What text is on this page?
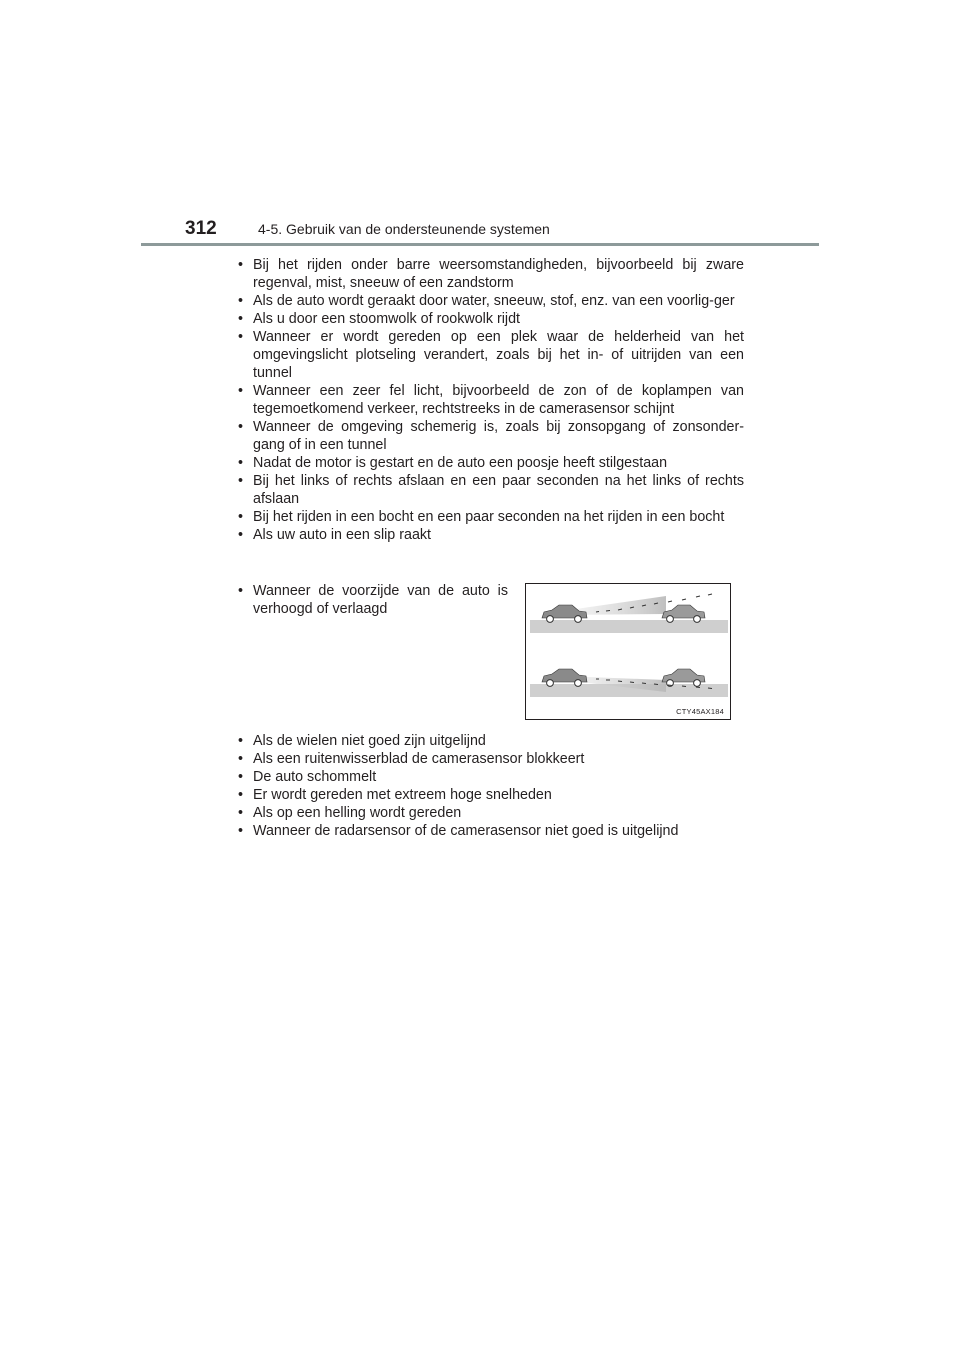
312	4-5. Gebruik van de ondersteunende systemen
• Bij het rijden onder barre weersomstandigheden, bijvoorbeeld bij zware regenval, mist, sneeuw of een zandstorm
• Als de auto wordt geraakt door water, sneeuw, stof, enz. van een voorlig-ger
• Als u door een stoomwolk of rookwolk rijdt
• Wanneer er wordt gereden op een plek waar de helderheid van het omgevingslicht plotseling verandert, zoals bij het in- of uitrijden van een tunnel
• Wanneer een zeer fel licht, bijvoorbeeld de zon of de koplampen van tegemoetkomend verkeer, rechtstreeks in de camerasensor schijnt
• Wanneer de omgeving schemerig is, zoals bij zonsopgang of zonsonder-gang of in een tunnel
• Nadat de motor is gestart en de auto een poosje heeft stilgestaan
• Bij het links of rechts afslaan en een paar seconden na het links of rechts afslaan
• Bij het rijden in een bocht en een paar seconden na het rijden in een bocht
• Als uw auto in een slip raakt
• Wanneer de voorzijde van de auto is verhoogd of verlaagd
CTY45AX184
• Als de wielen niet goed zijn uitgelijnd
• Als een ruitenwisserblad de camerasensor blokkeert
• De auto schommelt
• Er wordt gereden met extreem hoge snelheden
• Als op een helling wordt gereden
• Wanneer de radarsensor of de camerasensor niet goed is uitgelijnd
